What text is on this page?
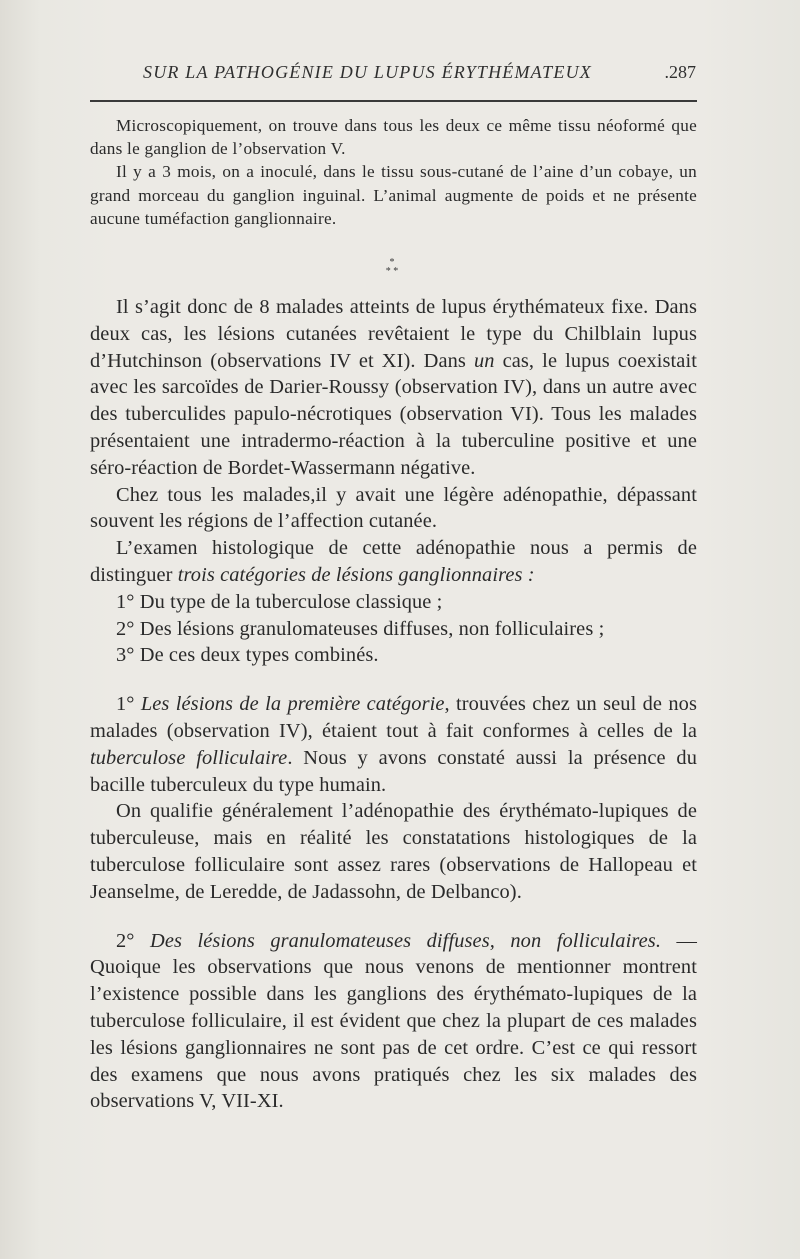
SUR LA PATHOGÉNIE DU LUPUS ÉRYTHÉMATEUX	.287

Microscopiquement, on trouve dans tous les deux ce même tissu néoformé que dans le ganglion de l’observation V.

Il y a 3 mois, on a inoculé, dans le tissu sous-cutané de l’aine d’un cobaye, un grand morceau du ganglion inguinal. L’animal augmente de poids et ne présente aucune tuméfaction ganglionnaire.

*
* *

Il s’agit donc de 8 malades atteints de lupus érythémateux fixe. Dans deux cas, les lésions cutanées revêtaient le type du Chilblain lupus d’Hutchinson (observations IV et XI). Dans un cas, le lupus coexistait avec les sarcoïdes de Darier-Roussy (observation IV), dans un autre avec des tuberculides papulo-nécrotiques (observation VI). Tous les malades présentaient une intradermo-réaction à la tuberculine positive et une séro-réaction de Bordet-Wassermann négative.

Chez tous les malades,il y avait une légère adénopathie, dépassant souvent les régions de l’affection cutanée.

L’examen histologique de cette adénopathie nous a permis de distinguer trois catégories de lésions ganglionnaires :

1° Du type de la tuberculose classique ;

2° Des lésions granulomateuses diffuses, non folliculaires ;

3° De ces deux types combinés.

1° Les lésions de la première catégorie, trouvées chez un seul de nos malades (observation IV), étaient tout à fait conformes à celles de la tuberculose folliculaire. Nous y avons constaté aussi la présence du bacille tuberculeux du type humain.

On qualifie généralement l’adénopathie des érythémato-lupiques de tuberculeuse, mais en réalité les constatations histologiques de la tuberculose folliculaire sont assez rares (observations de Hallopeau et Jeanselme, de Leredde, de Jadassohn, de Delbanco).

2° Des lésions granulomateuses diffuses, non folliculaires. — Quoique les observations que nous venons de mentionner montrent l’existence possible dans les ganglions des érythémato-lupiques de la tuberculose folliculaire, il est évident que chez la plupart de ces malades les lésions ganglionnaires ne sont pas de cet ordre. C’est ce qui ressort des examens que nous avons pratiqués chez les six malades des observations V, VII-XI.
